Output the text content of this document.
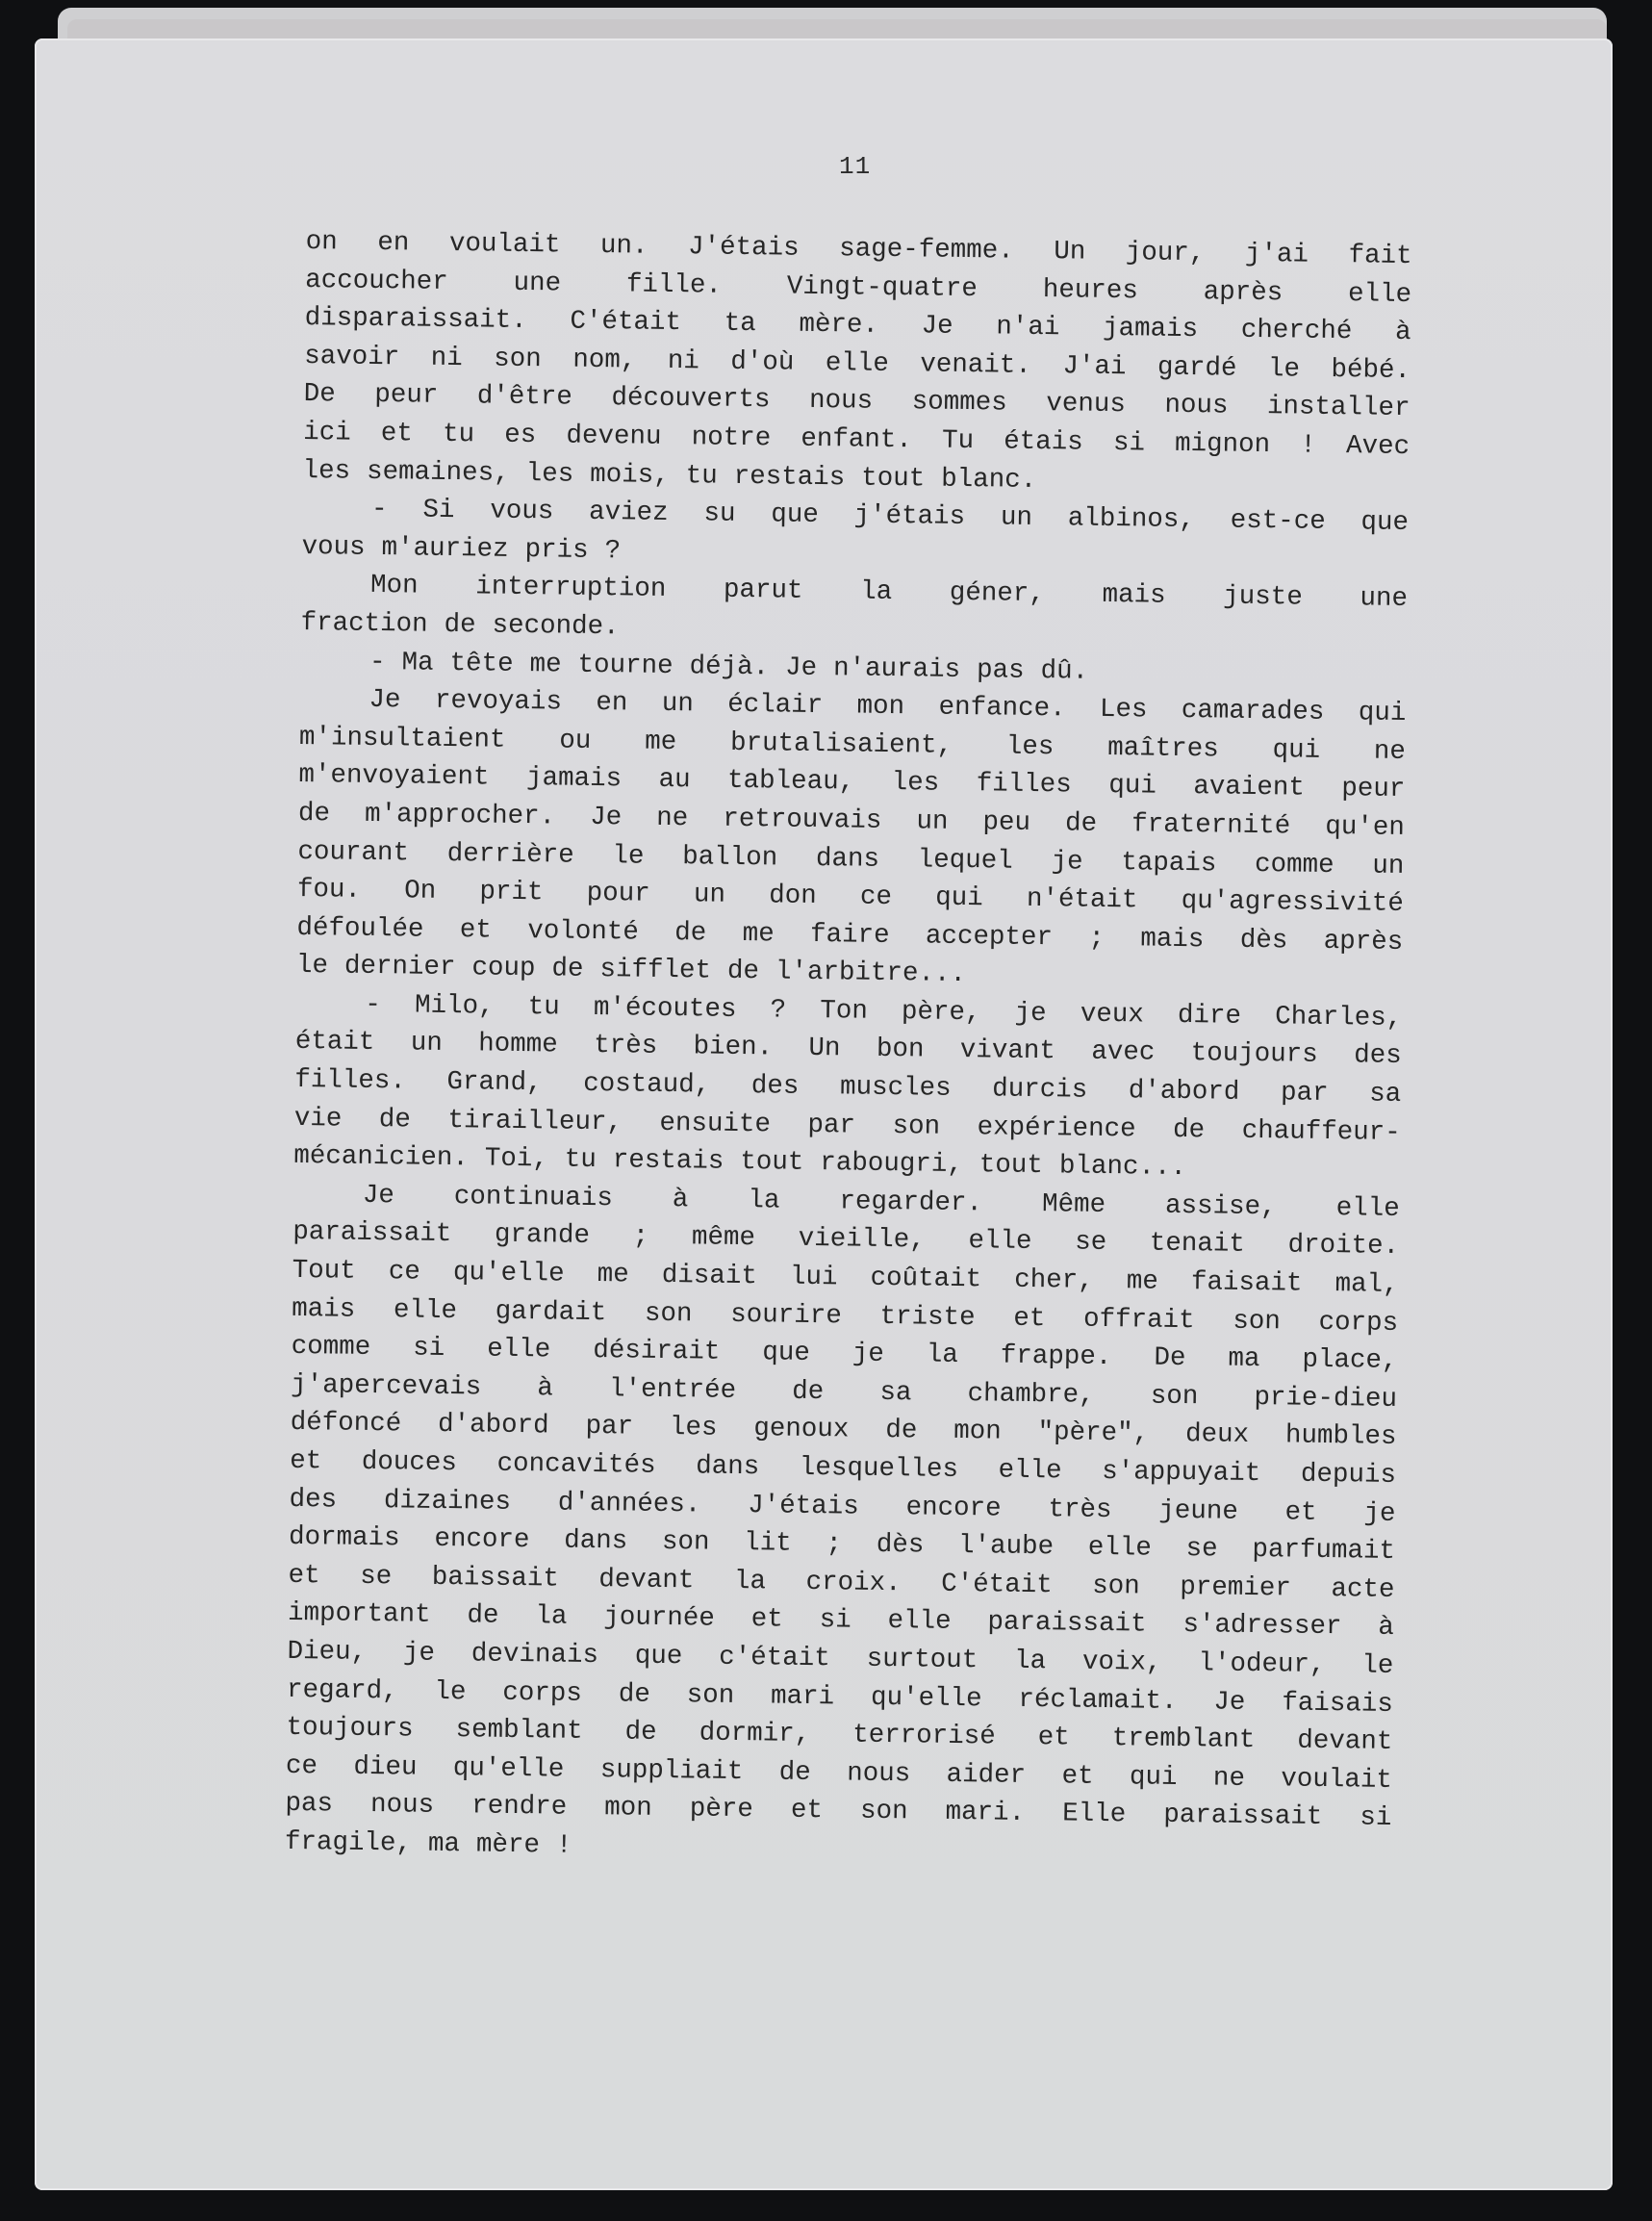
11
on en voulait un. J'étais sage-femme. Un jour, j'ai fait
accoucher une fille. Vingt-quatre heures après elle
disparaissait. C'était ta mère. Je n'ai jamais cherché à
savoir ni son nom, ni d'où elle venait. J'ai gardé le bébé.
De peur d'être découverts nous sommes venus nous installer
ici et tu es devenu notre enfant. Tu étais si mignon ! Avec
les semaines, les mois, tu restais tout blanc.
- Si vous aviez su que j'étais un albinos, est-ce que
vous m'auriez pris ?
Mon interruption parut la géner, mais juste une
fraction de seconde.
- Ma tête me tourne déjà. Je n'aurais pas dû.
Je revoyais en un éclair mon enfance. Les camarades qui
m'insultaient ou me brutalisaient, les maîtres qui ne
m'envoyaient jamais au tableau, les filles qui avaient peur
de m'approcher. Je ne retrouvais un peu de fraternité qu'en
courant derrière le ballon dans lequel je tapais comme un
fou. On prit pour un don ce qui n'était qu'agressivité
défoulée et volonté de me faire accepter ; mais dès après
le dernier coup de sifflet de l'arbitre...
- Milo, tu m'écoutes ? Ton père, je veux dire Charles,
était un homme très bien. Un bon vivant avec toujours des
filles. Grand, costaud, des muscles durcis d'abord par sa
vie de tirailleur, ensuite par son expérience de chauffeur-
mécanicien. Toi, tu restais tout rabougri, tout blanc...
Je continuais à la regarder. Même assise, elle
paraissait grande ; même vieille, elle se tenait droite.
Tout ce qu'elle me disait lui coûtait cher, me faisait mal,
mais elle gardait son sourire triste et offrait son corps
comme si elle désirait que je la frappe. De ma place,
j'apercevais à l'entrée de sa chambre, son prie-dieu
défoncé d'abord par les genoux de mon "père", deux humbles
et douces concavités dans lesquelles elle s'appuyait depuis
des dizaines d'années. J'étais encore très jeune et je
dormais encore dans son lit ; dès l'aube elle se parfumait
et se baissait devant la croix. C'était son premier acte
important de la journée et si elle paraissait s'adresser à
Dieu, je devinais que c'était surtout la voix, l'odeur, le
regard, le corps de son mari qu'elle réclamait. Je faisais
toujours semblant de dormir, terrorisé et tremblant devant
ce dieu qu'elle suppliait de nous aider et qui ne voulait
pas nous rendre mon père et son mari. Elle paraissait si
fragile, ma mère !
